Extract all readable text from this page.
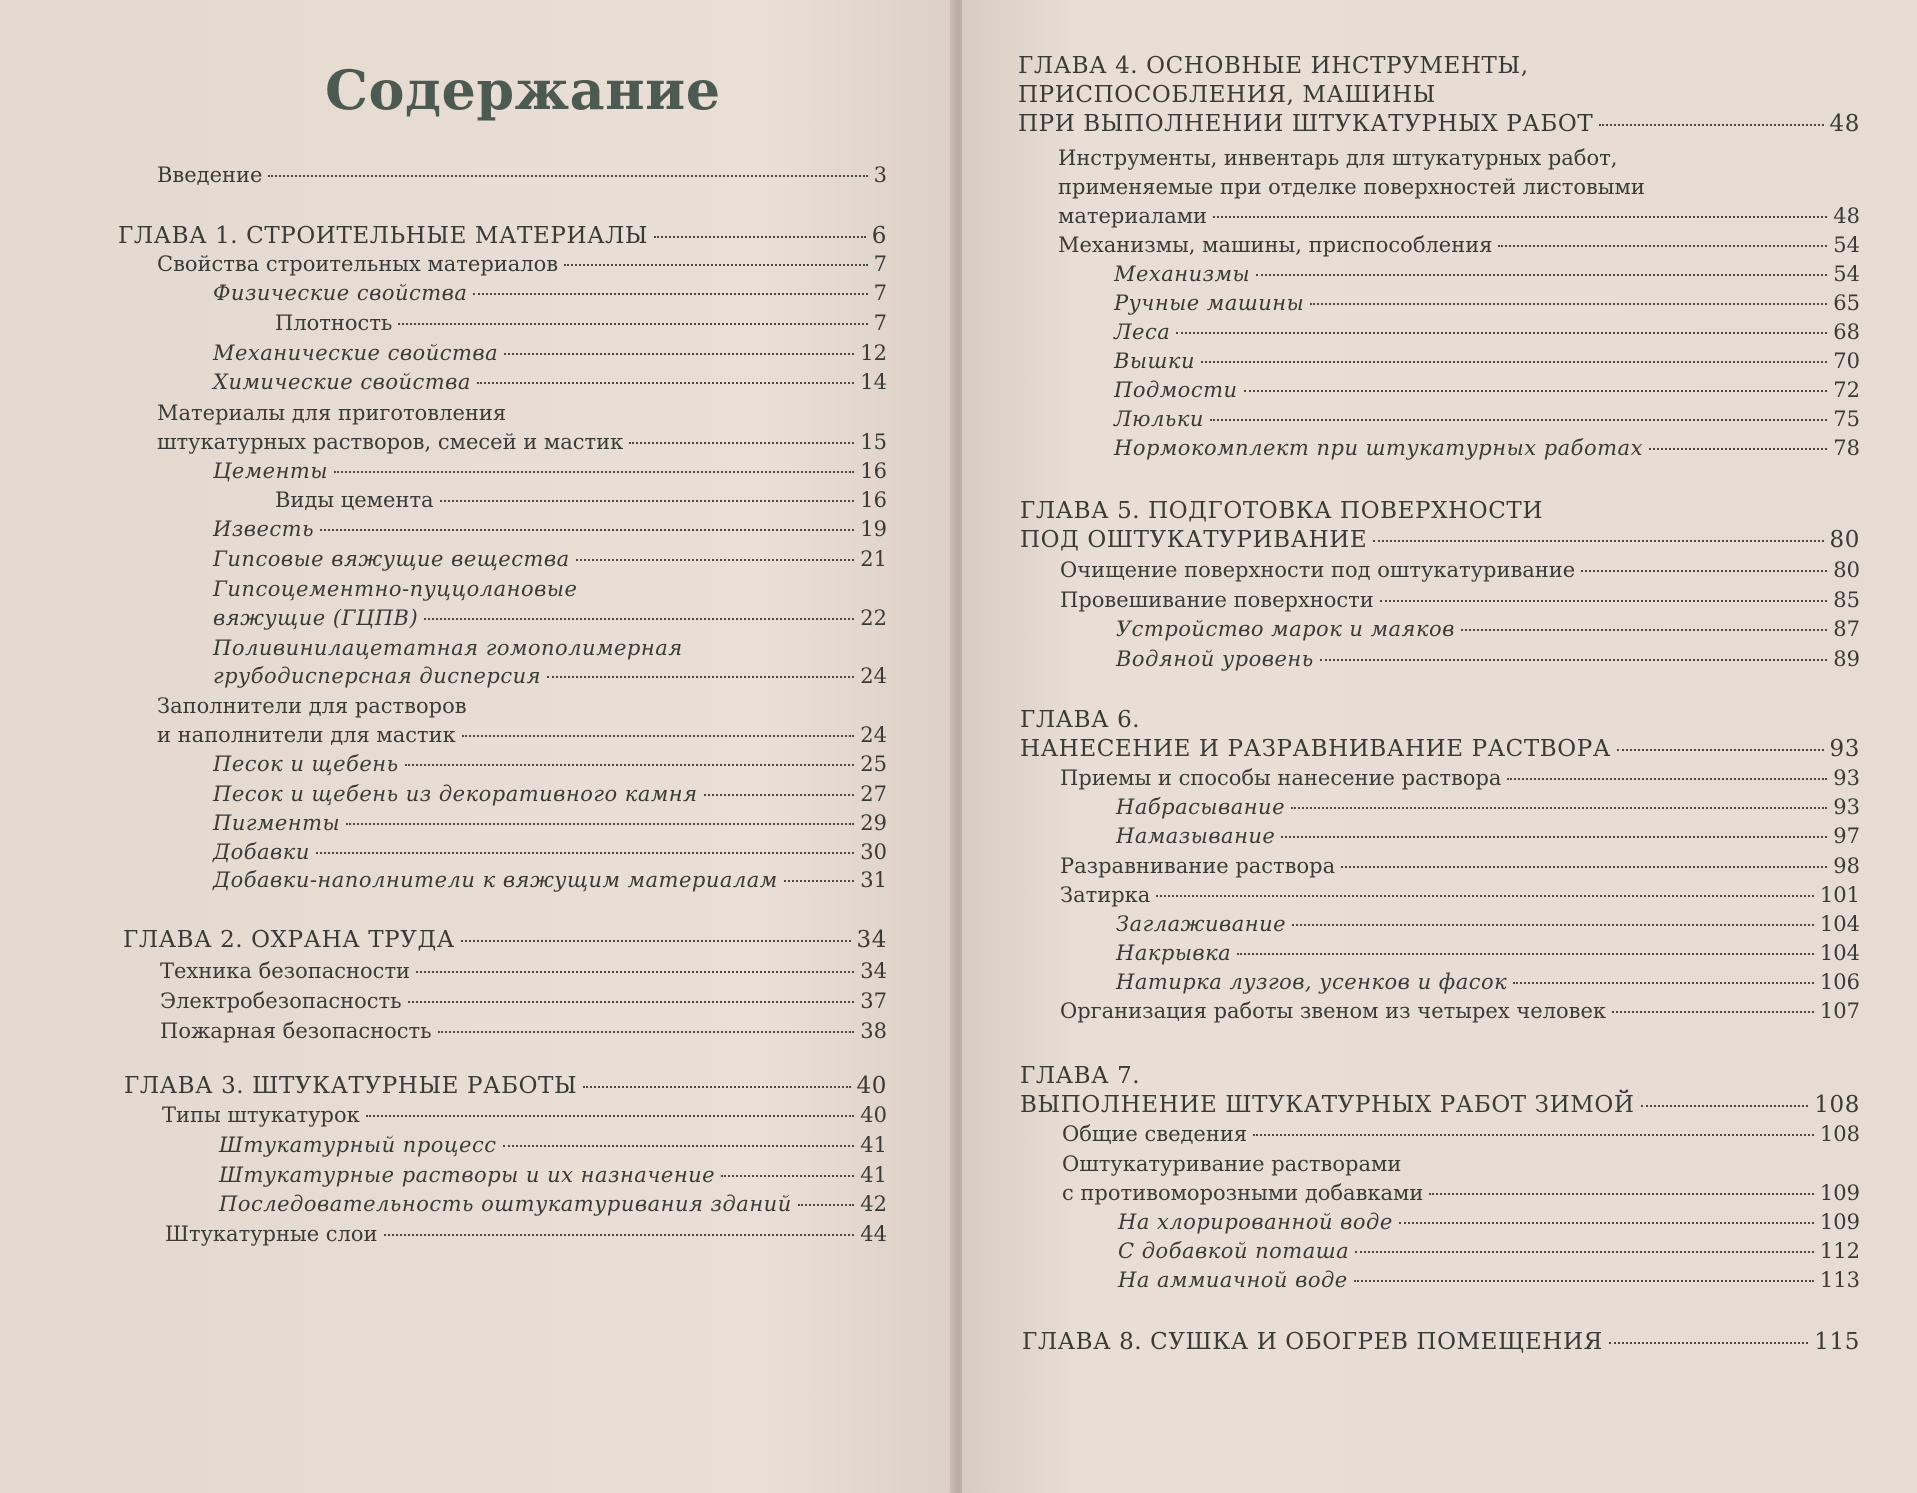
Содержание
Введение	3
ГЛАВА 1. СТРОИТЕЛЬНЫЕ МАТЕРИАЛЫ	6
Свойства строительных материалов	7
Физические свойства	7
Плотность	7
Механические свойства	12
Химические свойства	14
Материалы для приготовления
штукатурных растворов, смесей и мастик	15
Цементы	16
Виды цемента	16
Известь	19
Гипсовые вяжущие вещества	21
Гипсоцементно-пуццолановые
вяжущие (ГЦПВ)	22
Поливинилацетатная гомополимерная
грубодисперсная дисперсия	24
Заполнители для растворов
и наполнители для мастик	24
Песок и щебень	25
Песок и щебень из декоративного камня	27
Пигменты	29
Добавки	30
Добавки-наполнители к вяжущим материалам	31
ГЛАВА 2. ОХРАНА ТРУДА	34
Техника безопасности	34
Электробезопасность	37
Пожарная безопасность	38
ГЛАВА 3. ШТУКАТУРНЫЕ РАБОТЫ	40
Типы штукатурок	40
Штукатурный процесс	41
Штукатурные растворы и их назначение	41
Последовательность оштукатуривания зданий	42
Штукатурные слои	44
ГЛАВА 4. ОСНОВНЫЕ ИНСТРУМЕНТЫ,
ПРИСПОСОБЛЕНИЯ, МАШИНЫ
ПРИ ВЫПОЛНЕНИИ ШТУКАТУРНЫХ РАБОТ	48
Инструменты, инвентарь для штукатурных работ,
применяемые при отделке поверхностей листовыми
материалами	48
Механизмы, машины, приспособления	54
Механизмы	54
Ручные машины	65
Леса	68
Вышки	70
Подмости	72
Люльки	75
Нормокомплект при штукатурных работах	78
ГЛАВА 5. ПОДГОТОВКА ПОВЕРХНОСТИ
ПОД ОШТУКАТУРИВАНИЕ	80
Очищение поверхности под оштукатуривание	80
Провешивание поверхности	85
Устройство марок и маяков	87
Водяной уровень	89
ГЛАВА 6.
НАНЕСЕНИЕ И РАЗРАВНИВАНИЕ РАСТВОРА	93
Приемы и способы нанесение раствора	93
Набрасывание	93
Намазывание	97
Разравнивание раствора	98
Затирка	101
Заглаживание	104
Накрывка	104
Натирка лузгов, усенков и фасок	106
Организация работы звеном из четырех человек	107
ГЛАВА 7.
ВЫПОЛНЕНИЕ ШТУКАТУРНЫХ РАБОТ ЗИМОЙ	108
Общие сведения	108
Оштукатуривание растворами
с противоморозными добавками	109
На хлорированной воде	109
С добавкой поташа	112
На аммиачной воде	113
ГЛАВА 8. СУШКА И ОБОГРЕВ ПОМЕЩЕНИЯ	115
